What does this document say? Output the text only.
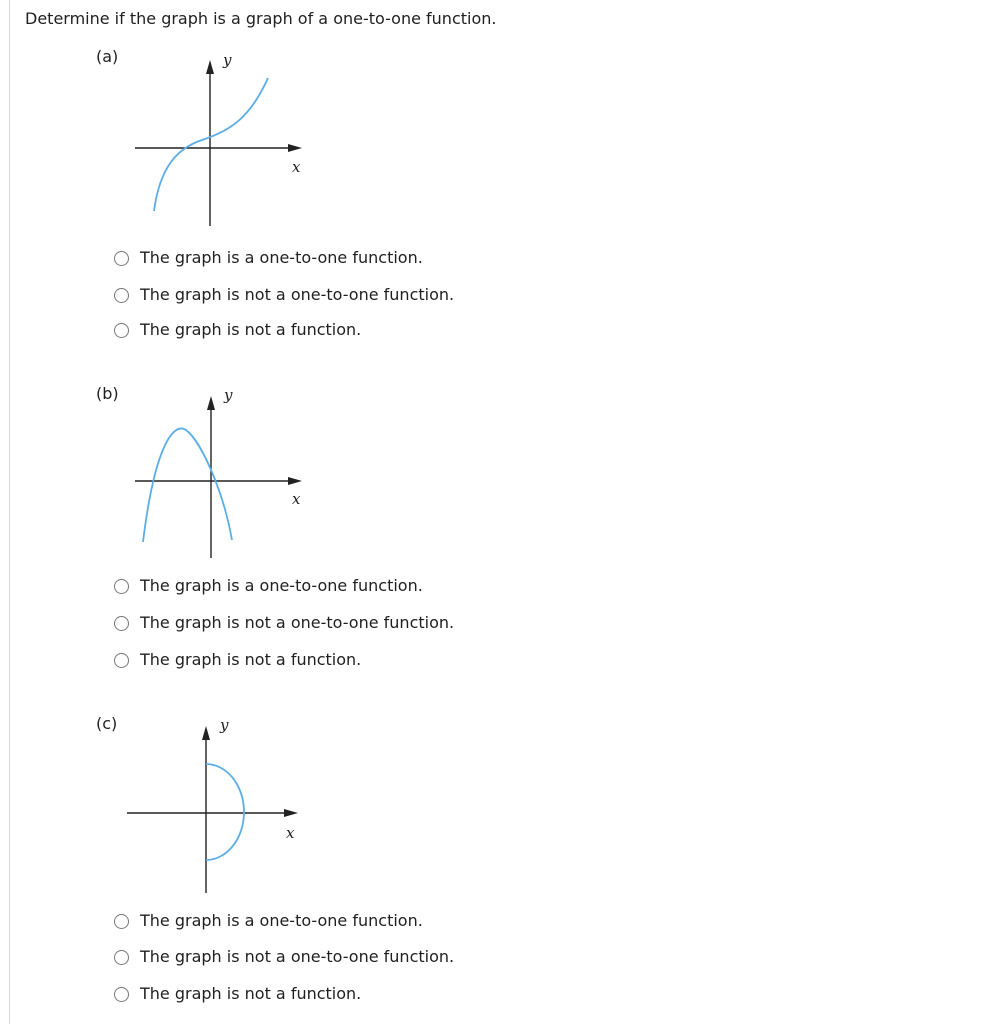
Determine if the graph is a graph of a one-to-one function.
(a)	y
x
The graph is a one-to-one function.
The graph is not a one-to-one function.
The graph is not a function.
(b)	y
x
The graph is a one-to-one function.
The graph is not a one-to-one function.
The graph is not a function.
(c)	y
x
The graph is a one-to-one function.
The graph is not a one-to-one function.
The graph is not a function.
